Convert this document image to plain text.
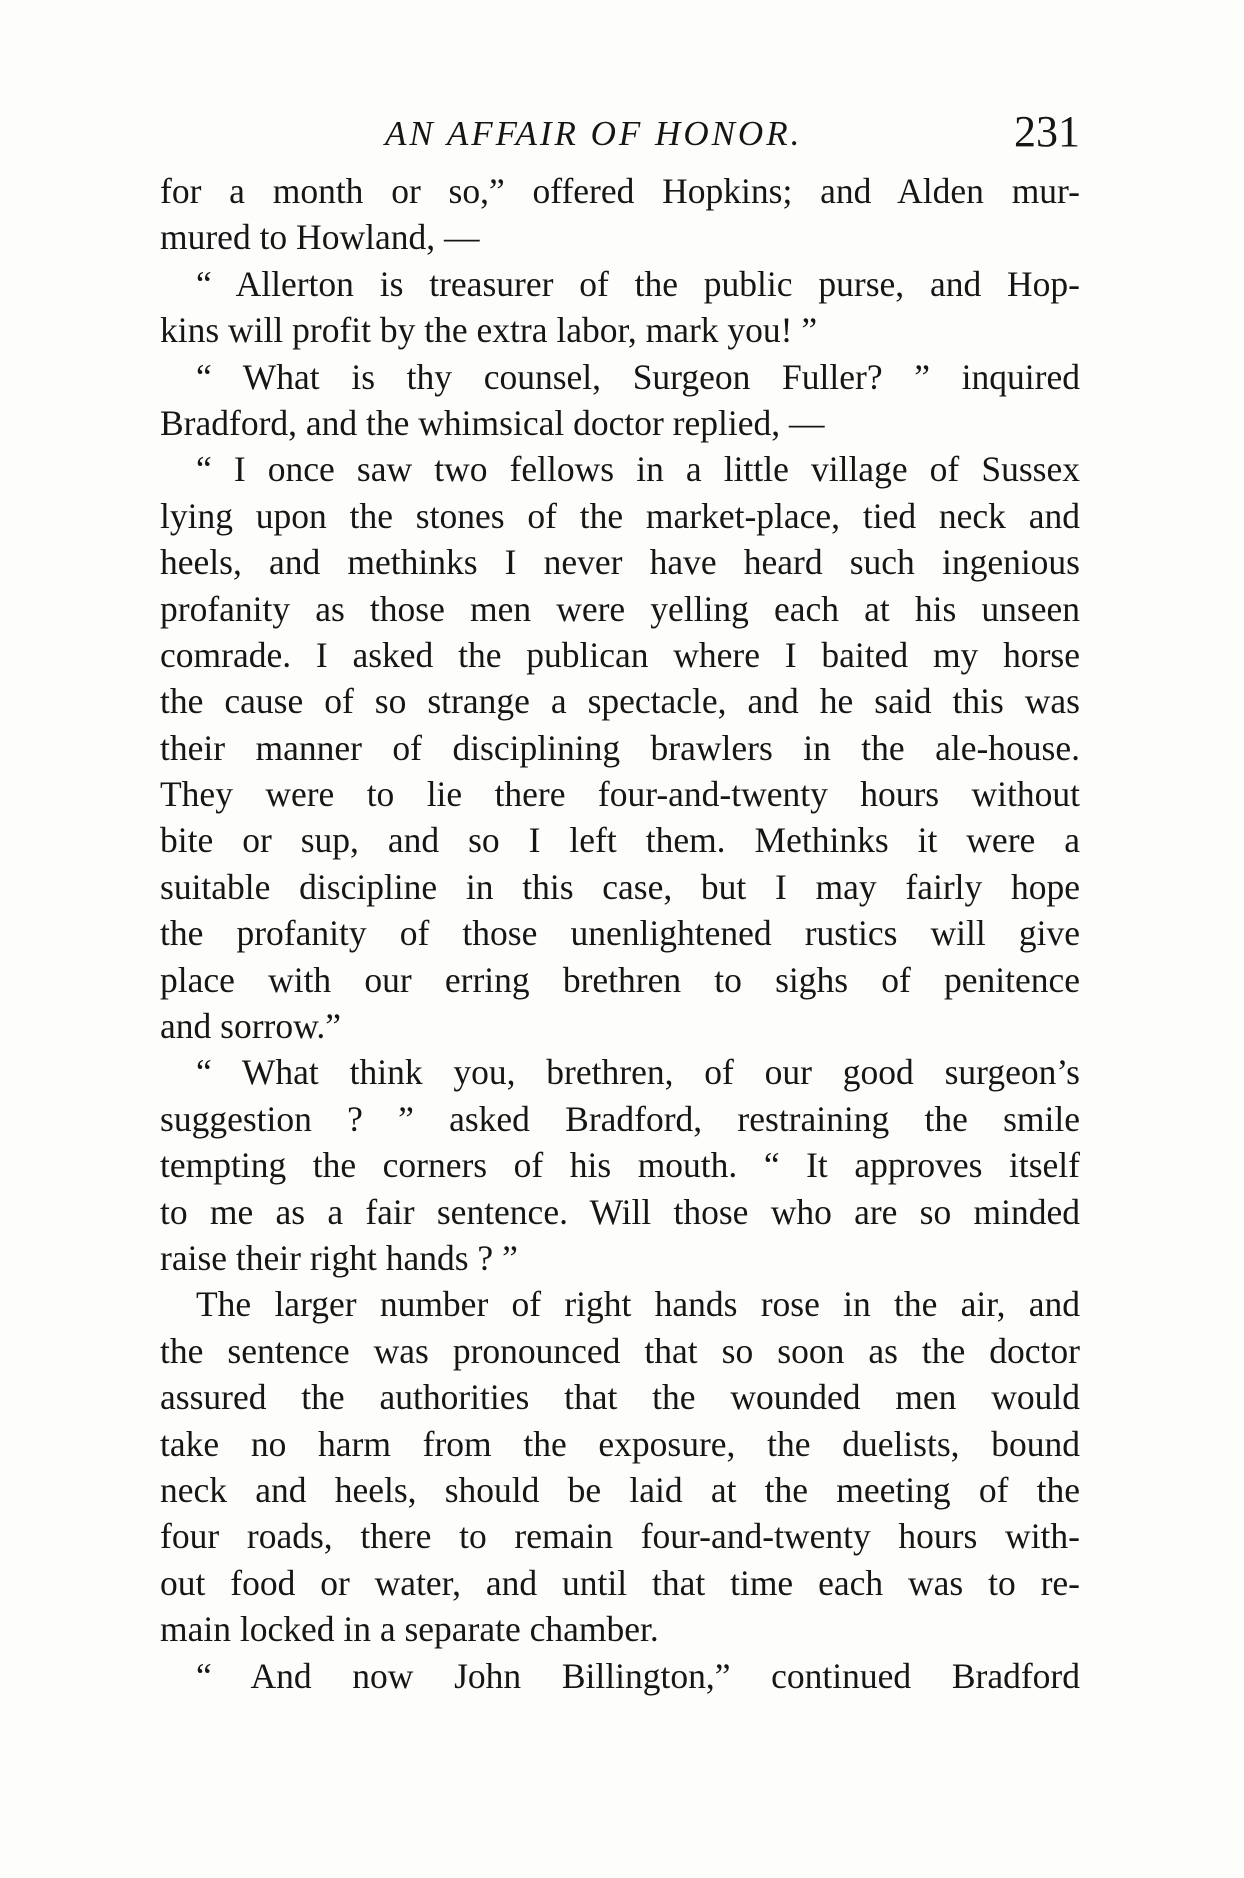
AN AFFAIR OF HONOR.	231
for a month or so,” offered Hopkins; and Alden mur-
mured to Howland, —
“ Allerton is treasurer of the public purse, and Hop-
kins will profit by the extra labor, mark you! ”
“ What is thy counsel, Surgeon Fuller? ” inquired
Bradford, and the whimsical doctor replied, —
“ I once saw two fellows in a little village of Sussex
lying upon the stones of the market-place, tied neck and
heels, and methinks I never have heard such ingenious
profanity as those men were yelling each at his unseen
comrade. I asked the publican where I baited my horse
the cause of so strange a spectacle, and he said this was
their manner of disciplining brawlers in the ale-house.
They were to lie there four-and-twenty hours without
bite or sup, and so I left them. Methinks it were a
suitable discipline in this case, but I may fairly hope
the profanity of those unenlightened rustics will give
place with our erring brethren to sighs of penitence
and sorrow.”
“ What think you, brethren, of our good surgeon’s
suggestion ? ” asked Bradford, restraining the smile
tempting the corners of his mouth. “ It approves itself
to me as a fair sentence. Will those who are so minded
raise their right hands ? ”
The larger number of right hands rose in the air, and
the sentence was pronounced that so soon as the doctor
assured the authorities that the wounded men would
take no harm from the exposure, the duelists, bound
neck and heels, should be laid at the meeting of the
four roads, there to remain four-and-twenty hours with-
out food or water, and until that time each was to re-
main locked in a separate chamber.
“ And now John Billington,” continued Bradford
